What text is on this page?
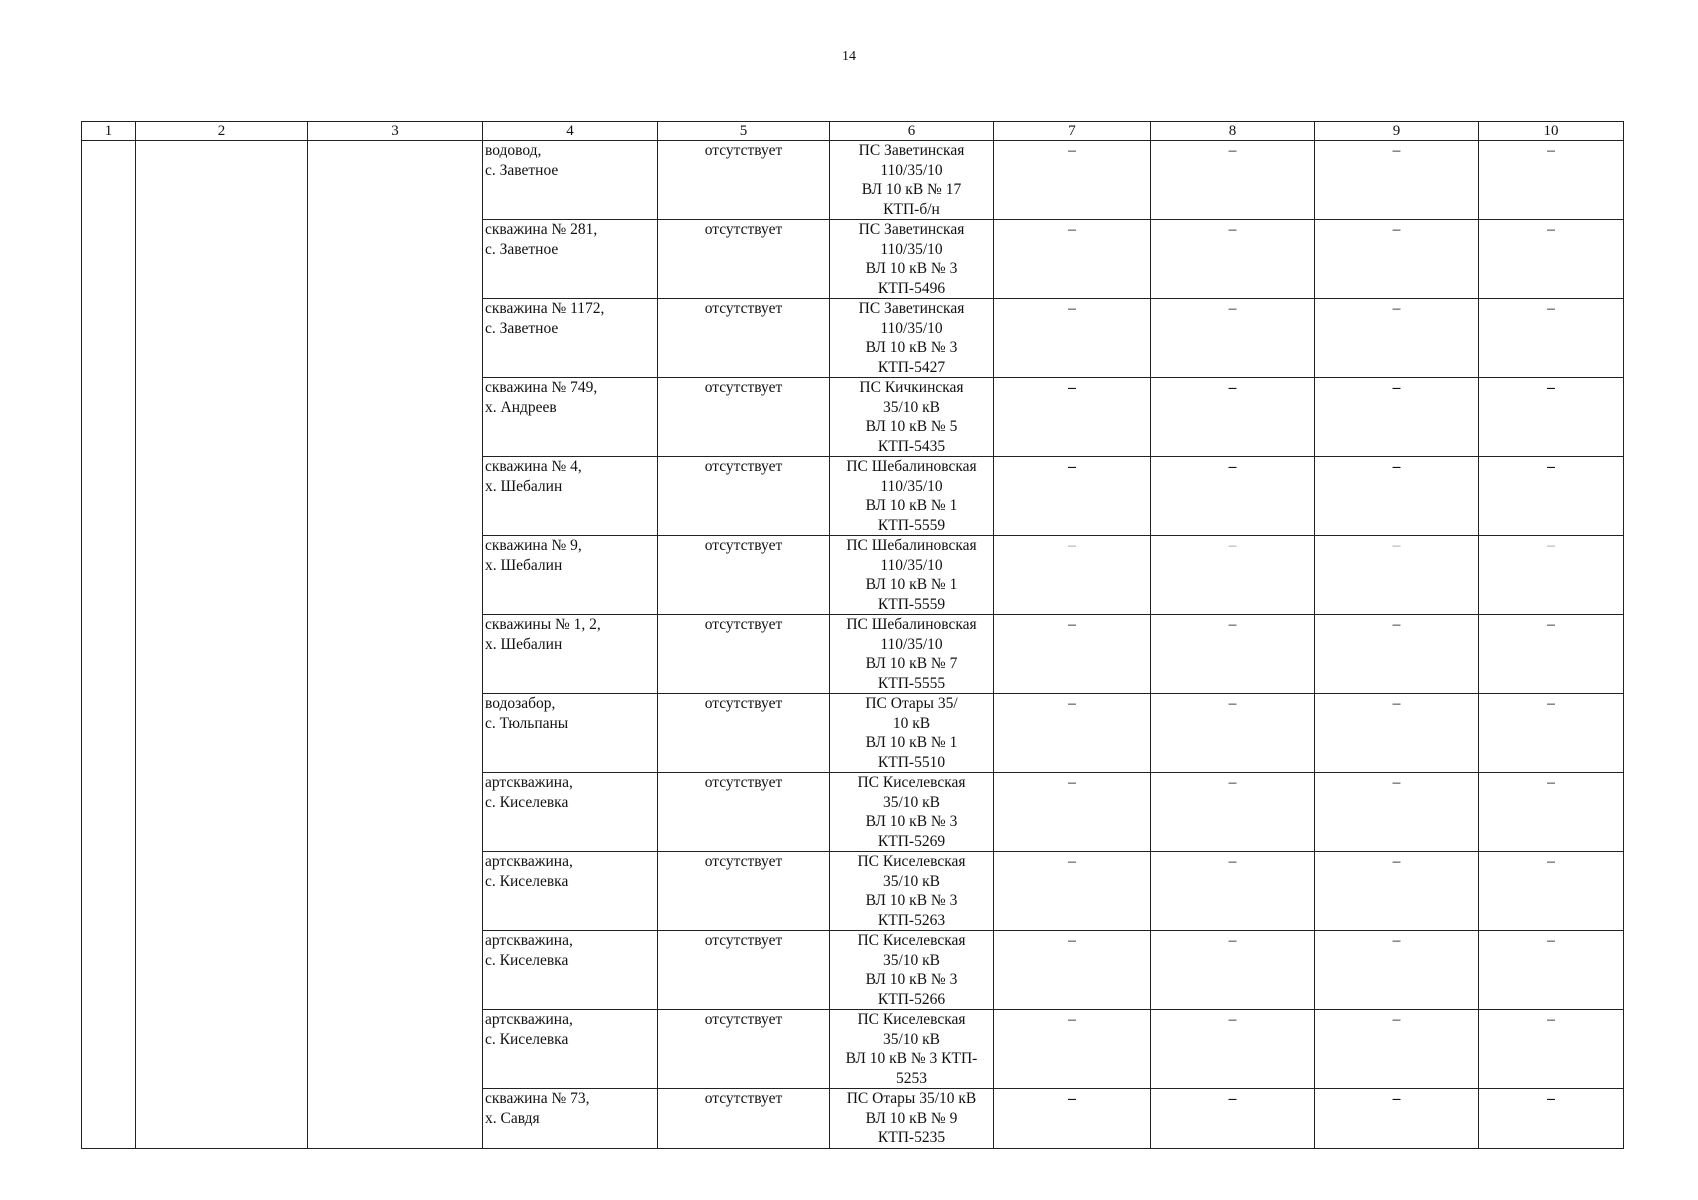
14
1	2	3	4	5	6	7	8	9	10

			водовод,
с. Заветное	отсутствует	ПС Заветинская
110/35/10
ВЛ 10 кВ № 17
КТП-б/н	–	–	–	–

			скважина № 281,
с. Заветное	отсутствует	ПС Заветинская
110/35/10
ВЛ 10 кВ № 3
КТП-5496	–	–	–	–

			скважина № 1172,
с. Заветное	отсутствует	ПС Заветинская
110/35/10
ВЛ 10 кВ № 3
КТП-5427	–	–	–	–

			скважина № 749,
х. Андреев	отсутствует	ПС Кичкинская
35/10 кВ
ВЛ 10 кВ № 5
КТП-5435	–	–	–	–

			скважина № 4,
х. Шебалин	отсутствует	ПС Шебалиновская
110/35/10
ВЛ 10 кВ № 1
КТП-5559	–	–	–	–

			скважина № 9,
х. Шебалин	отсутствует	ПС Шебалиновская
110/35/10
ВЛ 10 кВ № 1
КТП-5559	–	–	–	–

			скважины № 1, 2,
х. Шебалин	отсутствует	ПС Шебалиновская
110/35/10
ВЛ 10 кВ № 7
КТП-5555	–	–	–	–

			водозабор,
с. Тюльпаны	отсутствует	ПС Отары 35/
10 кВ
ВЛ 10 кВ № 1
КТП-5510	–	–	–	–

			артскважина,
с. Киселевка	отсутствует	ПС Киселевская
35/10 кВ
ВЛ 10 кВ № 3
КТП-5269	–	–	–	–

			артскважина,
с. Киселевка	отсутствует	ПС Киселевская
35/10 кВ
ВЛ 10 кВ № 3
КТП-5263	–	–	–	–

			артскважина,
с. Киселевка	отсутствует	ПС Киселевская
35/10 кВ
ВЛ 10 кВ № 3
КТП-5266	–	–	–	–

			артскважина,
с. Киселевка	отсутствует	ПС Киселевская
35/10 кВ
ВЛ 10 кВ № 3 КТП-
5253	–	–	–	–

			скважина № 73,
х. Савдя	отсутствует	ПС Отары 35/10 кВ
ВЛ 10 кВ № 9
КТП-5235	–	–	–	–
